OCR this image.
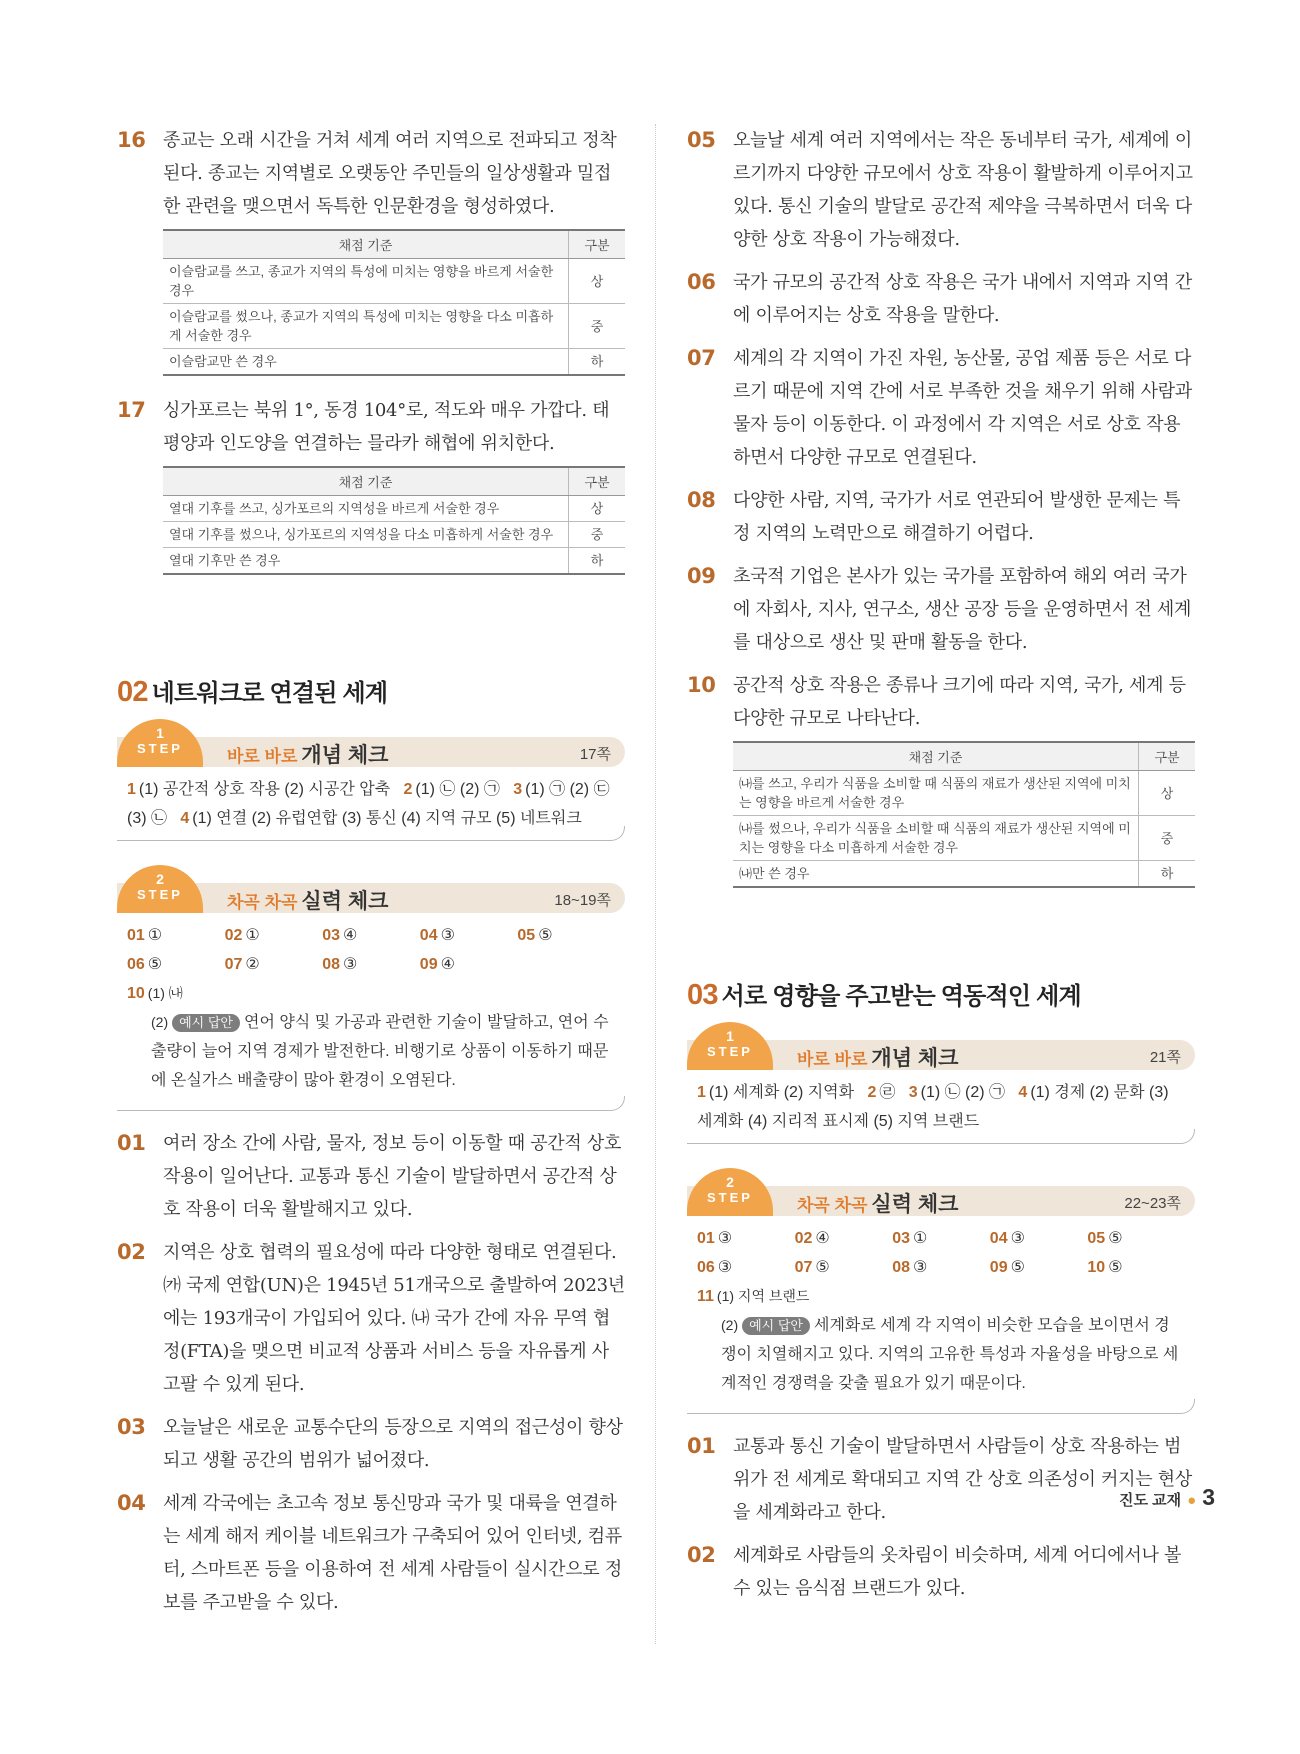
16 종교는 오래 시간을 거쳐 세계 여러 지역으로 전파되고 정착된다. 종교는 지역별로 오랫동안 주민들의 일상생활과 밀접한 관련을 맺으면서 독특한 인문환경을 형성하였다.
채점 기준	구분
이슬람교를 쓰고, 종교가 지역의 특성에 미치는 영향을 바르게 서술한 경우	상
이슬람교를 썼으나, 종교가 지역의 특성에 미치는 영향을 다소 미흡하게 서술한 경우	중
이슬람교만 쓴 경우	하
17 싱가포르는 북위 1°, 동경 104°로, 적도와 매우 가깝다. 태평양과 인도양을 연결하는 믈라카 해협에 위치한다.
채점 기준	구분
열대 기후를 쓰고, 싱가포르의 지역성을 바르게 서술한 경우	상
열대 기후를 썼으나, 싱가포르의 지역성을 다소 미흡하게 서술한 경우	중
열대 기후만 쓴 경우	하
02 네트워크로 연결된 세계
1
STEP	바로 바로 개념 체크	17쪽
1 (1) 공간적 상호 작용 (2) 시공간 압축 2 (1) ㉡ (2) ㉠ 3 (1) ㉠ (2) ㉢
(3) ㉡ 4 (1) 연결 (2) 유럽연합 (3) 통신 (4) 지역 규모 (5) 네트워크
2
STEP	차곡 차곡 실력 체크	18~19쪽
01 ①	02 ①	03 ④	04 ③	05 ⑤
06 ⑤	07 ②	08 ③	09 ④
10 (1) ㈏
(2) 예시 답안 연어 양식 및 가공과 관련한 기술이 발달하고, 연어 수출량이 늘어 지역 경제가 발전한다. 비행기로 상품이 이동하기 때문에 온실가스 배출량이 많아 환경이 오염된다.
01 여러 장소 간에 사람, 물자, 정보 등이 이동할 때 공간적 상호 작용이 일어난다. 교통과 통신 기술이 발달하면서 공간적 상호 작용이 더욱 활발해지고 있다.
02 지역은 상호 협력의 필요성에 따라 다양한 형태로 연결된다. ㈎ 국제 연합(UN)은 1945년 51개국으로 출발하여 2023년에는 193개국이 가입되어 있다. ㈏ 국가 간에 자유 무역 협정(FTA)을 맺으면 비교적 상품과 서비스 등을 자유롭게 사고팔 수 있게 된다.
03 오늘날은 새로운 교통수단의 등장으로 지역의 접근성이 향상되고 생활 공간의 범위가 넓어졌다.
04 세계 각국에는 초고속 정보 통신망과 국가 및 대륙을 연결하는 세계 해저 케이블 네트워크가 구축되어 있어 인터넷, 컴퓨터, 스마트폰 등을 이용하여 전 세계 사람들이 실시간으로 정보를 주고받을 수 있다.
05 오늘날 세계 여러 지역에서는 작은 동네부터 국가, 세계에 이르기까지 다양한 규모에서 상호 작용이 활발하게 이루어지고 있다. 통신 기술의 발달로 공간적 제약을 극복하면서 더욱 다양한 상호 작용이 가능해졌다.
06 국가 규모의 공간적 상호 작용은 국가 내에서 지역과 지역 간에 이루어지는 상호 작용을 말한다.
07 세계의 각 지역이 가진 자원, 농산물, 공업 제품 등은 서로 다르기 때문에 지역 간에 서로 부족한 것을 채우기 위해 사람과 물자 등이 이동한다. 이 과정에서 각 지역은 서로 상호 작용하면서 다양한 규모로 연결된다.
08 다양한 사람, 지역, 국가가 서로 연관되어 발생한 문제는 특정 지역의 노력만으로 해결하기 어렵다.
09 초국적 기업은 본사가 있는 국가를 포함하여 해외 여러 국가에 자회사, 지사, 연구소, 생산 공장 등을 운영하면서 전 세계를 대상으로 생산 및 판매 활동을 한다.
10 공간적 상호 작용은 종류나 크기에 따라 지역, 국가, 세계 등 다양한 규모로 나타난다.
채점 기준	구분
㈏를 쓰고, 우리가 식품을 소비할 때 식품의 재료가 생산된 지역에 미치는 영향을 바르게 서술한 경우	상
㈏를 썼으나, 우리가 식품을 소비할 때 식품의 재료가 생산된 지역에 미치는 영향을 다소 미흡하게 서술한 경우	중
㈏만 쓴 경우	하
03 서로 영향을 주고받는 역동적인 세계
1
STEP	바로 바로 개념 체크	21쪽
1 (1) 세계화 (2) 지역화 2 ㉣ 3 (1) ㉡ (2) ㉠ 4 (1) 경제 (2) 문화 (3)
세계화 (4) 지리적 표시제 (5) 지역 브랜드
2
STEP	차곡 차곡 실력 체크	22~23쪽
01 ③	02 ④	03 ①	04 ③	05 ⑤
06 ③	07 ⑤	08 ③	09 ⑤	10 ⑤
11 (1) 지역 브랜드
(2) 예시 답안 세계화로 세계 각 지역이 비슷한 모습을 보이면서 경쟁이 치열해지고 있다. 지역의 고유한 특성과 자율성을 바탕으로 세계적인 경쟁력을 갖출 필요가 있기 때문이다.
01 교통과 통신 기술이 발달하면서 사람들이 상호 작용하는 범위가 전 세계로 확대되고 지역 간 상호 의존성이 커지는 현상을 세계화라고 한다.
02 세계화로 사람들의 옷차림이 비슷하며, 세계 어디에서나 볼 수 있는 음식점 브랜드가 있다.
진도 교재 ● 3
